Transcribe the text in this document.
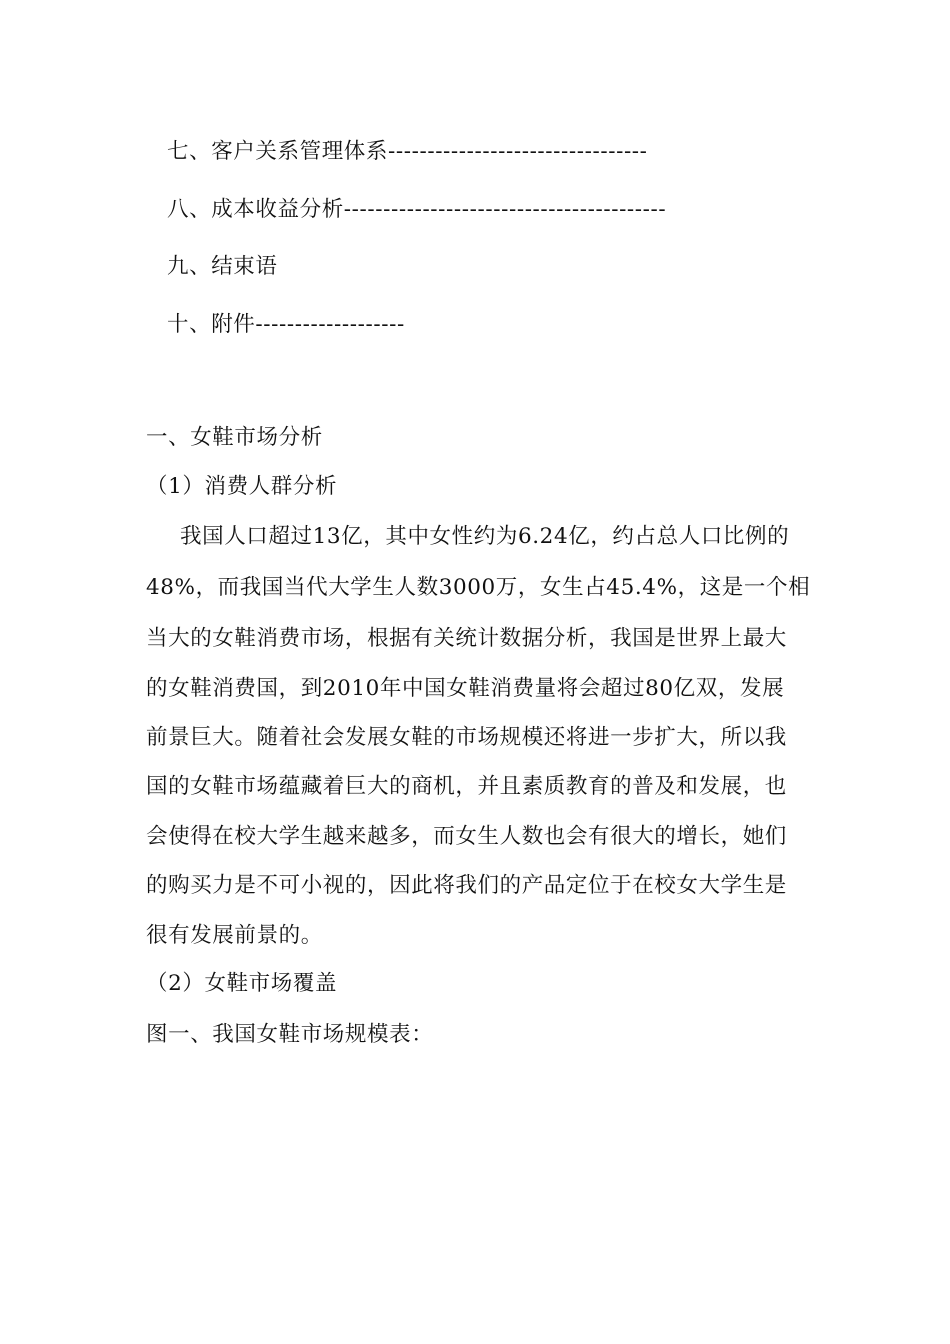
七、客户关系管理体系---------------------------------
八、成本收益分析-----------------------------------------
九、结束语
十、附件-------------------
一、女鞋市场分析
（1）消费人群分析
我国人口超过13亿，其中女性约为6.24亿，约占总人口比例的
48%，而我国当代大学生人数3000万，女生占45.4%，这是一个相
当大的女鞋消费市场，根据有关统计数据分析，我国是世界上最大
的女鞋消费国，到2010年中国女鞋消费量将会超过80亿双，发展
前景巨大。随着社会发展女鞋的市场规模还将进一步扩大，所以我
国的女鞋市场蕴藏着巨大的商机，并且素质教育的普及和发展，也
会使得在校大学生越来越多，而女生人数也会有很大的增长，她们
的购买力是不可小视的，因此将我们的产品定位于在校女大学生是
很有发展前景的。
（2）女鞋市场覆盖
图一、我国女鞋市场规模表：
